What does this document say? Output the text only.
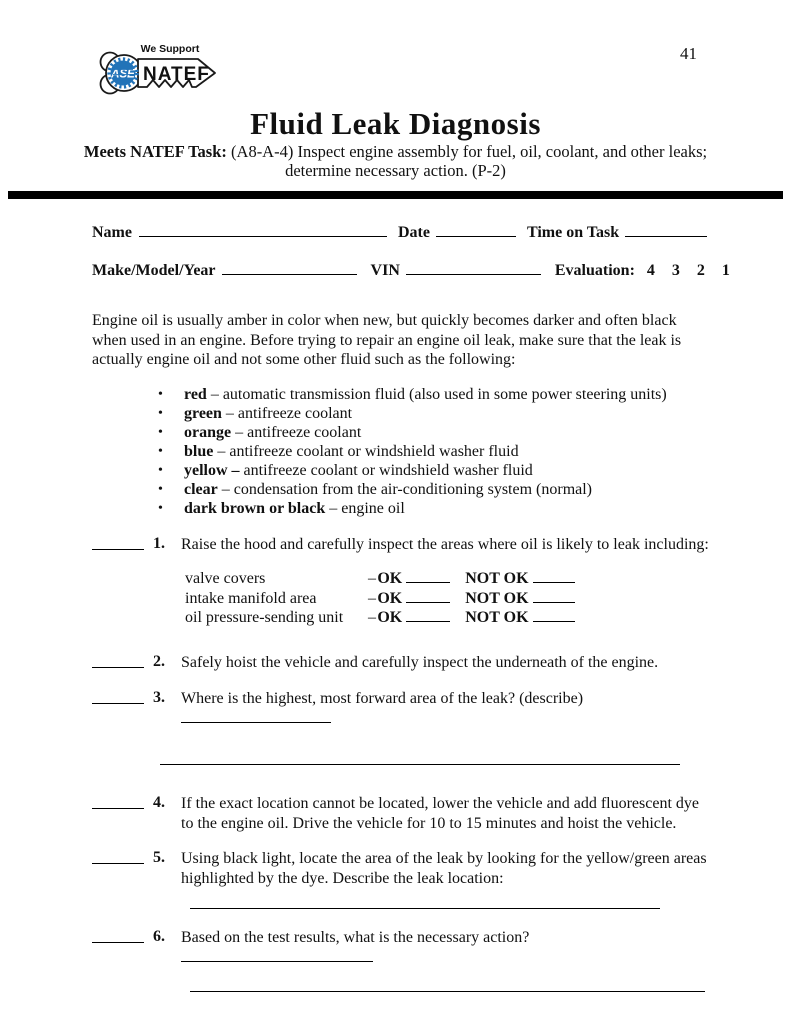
41
ASE
We Support
NATEF
Fluid Leak Diagnosis
Meets NATEF Task: (A8-A-4) Inspect engine assembly for fuel, oil, coolant, and other leaks;
determine necessary action. (P-2)
Name	Date	Time on Task
Make/Model/Year	VIN	Evaluation: 4 3 2 1
Engine oil is usually amber in color when new, but quickly becomes darker and often black when used in an engine. Before trying to repair an engine oil leak, make sure that the leak is actually engine oil and not some other fluid such as the following:
•	red – automatic transmission fluid (also used in some power steering units)
•	green – antifreeze coolant
•	orange – antifreeze coolant
•	blue – antifreeze coolant or windshield washer fluid
•	yellow – antifreeze coolant or windshield washer fluid
•	clear – condensation from the air-conditioning system (normal)
•	dark brown or black – engine oil
1.	Raise the hood and carefully inspect the areas where oil is likely to leak including:
valve covers	– OK	NOT OK
intake manifold area	– OK	NOT OK
oil pressure-sending unit	– OK	NOT OK
2.	Safely hoist the vehicle and carefully inspect the underneath of the engine.
3.	Where is the highest, most forward area of the leak? (describe)
4.	If the exact location cannot be located, lower the vehicle and add fluorescent dye to the engine oil. Drive the vehicle for 10 to 15 minutes and hoist the vehicle.
5.	Using black light, locate the area of the leak by looking for the yellow/green areas highlighted by the dye. Describe the leak location:
6.	Based on the test results, what is the necessary action?
